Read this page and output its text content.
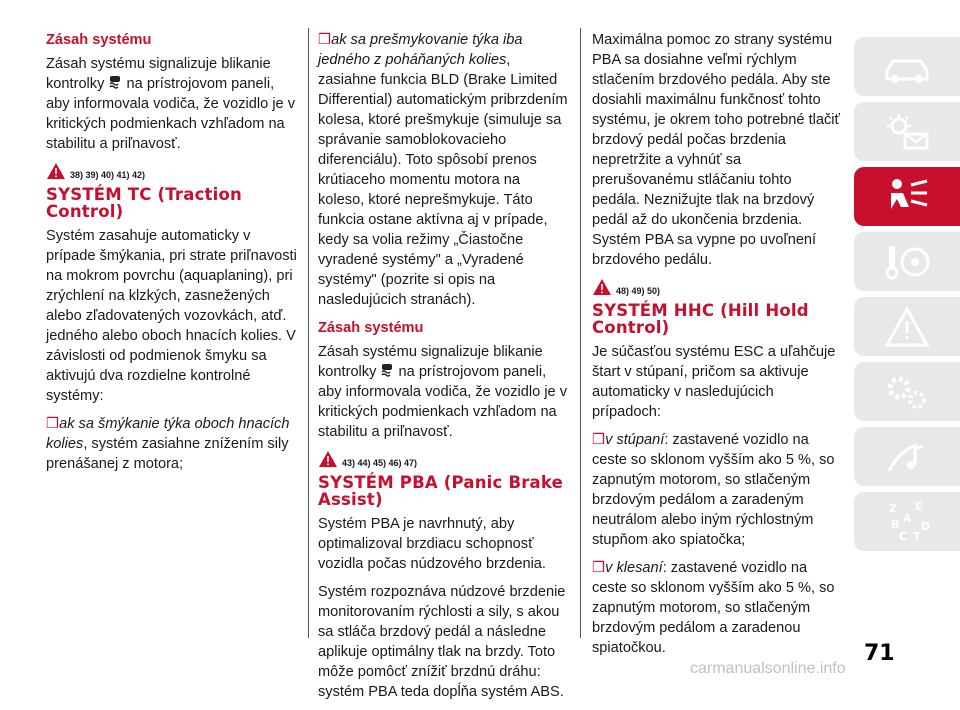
Zásah systému

Zásah systému signalizuje blikanie kontrolky na prístrojovom paneli, aby informovala vodiča, že vozidlo je v kritických podmienkach vzhľadom na stabilitu a priľnavosť.

38) 39) 40) 41) 42)
SYSTÉM TC (Traction Control)

Systém zasahuje automaticky v prípade šmýkania, pri strate priľnavosti na mokrom povrchu (aquaplaning), pri zrýchlení na klzkých, zasnežených alebo zľadovatených vozovkách, atď. jedného alebo oboch hnacích kolies. V závislosti od podmienok šmyku sa aktivujú dva rozdielne kontrolné systémy:

❒ak sa šmýkanie týka oboch hnacích kolies, systém zasiahne znížením sily prenášanej z motora;

❒ak sa prešmykovanie týka iba jedného z poháňaných kolies, zasiahne funkcia BLD (Brake Limited Differential) automatickým pribrzdením kolesa, ktoré prešmykuje (simuluje sa správanie samoblokovacieho diferenciálu). Toto spôsobí prenos krútiaceho momentu motora na koleso, ktoré neprešmykuje. Táto funkcia ostane aktívna aj v prípade, kedy sa volia režimy „Čiastočne vyradené systémy" a „Vyradené systémy" (pozrite si opis na nasledujúcich stranách).

Zásah systému

Zásah systému signalizuje blikanie kontrolky na prístrojovom paneli, aby informovala vodiča, že vozidlo je v kritických podmienkach vzhľadom na stabilitu a priľnavosť.

43) 44) 45) 46) 47)
SYSTÉM PBA (Panic Brake Assist)

Systém PBA je navrhnutý, aby optimalizoval brzdiacu schopnosť vozidla počas núdzového brzdenia.

Systém rozpoznáva núdzové brzdenie monitorovaním rýchlosti a sily, s akou sa stláča brzdový pedál a následne aplikuje optimálny tlak na brzdy. Toto môže pomôcť znížiť brzdnú dráhu: systém PBA teda dopĺňa systém ABS.

Maximálna pomoc zo strany systému PBA sa dosiahne veľmi rýchlym stlačením brzdového pedála. Aby ste dosiahli maximálnu funkčnosť tohto systému, je okrem toho potrebné tlačiť brzdový pedál počas brzdenia nepretržite a vyhnúť sa prerušovanému stláčaniu tohto pedála. Neznižujte tlak na brzdový pedál až do ukončenia brzdenia.

Systém PBA sa vypne po uvoľnení brzdového pedálu.

48) 49) 50)
SYSTÉM HHC (Hill Hold Control)

Je súčasťou systému ESC a uľahčuje štart v stúpaní, pričom sa aktivuje automaticky v nasledujúcich prípadoch:

❒v stúpaní: zastavené vozidlo na ceste so sklonom vyšším ako 5 %, so zapnutým motorom, so stlačeným brzdovým pedálom a zaradeným neutrálom alebo iným rýchlostným stupňom ako spiatočka;

❒v klesaní: zastavené vozidlo na ceste so sklonom vyšším ako 5 %, so zapnutým motorom, so stlačeným brzdovým pedálom a zaradenou spiatočkou.

Z E B A C TD
71
carmanualsonline.info
